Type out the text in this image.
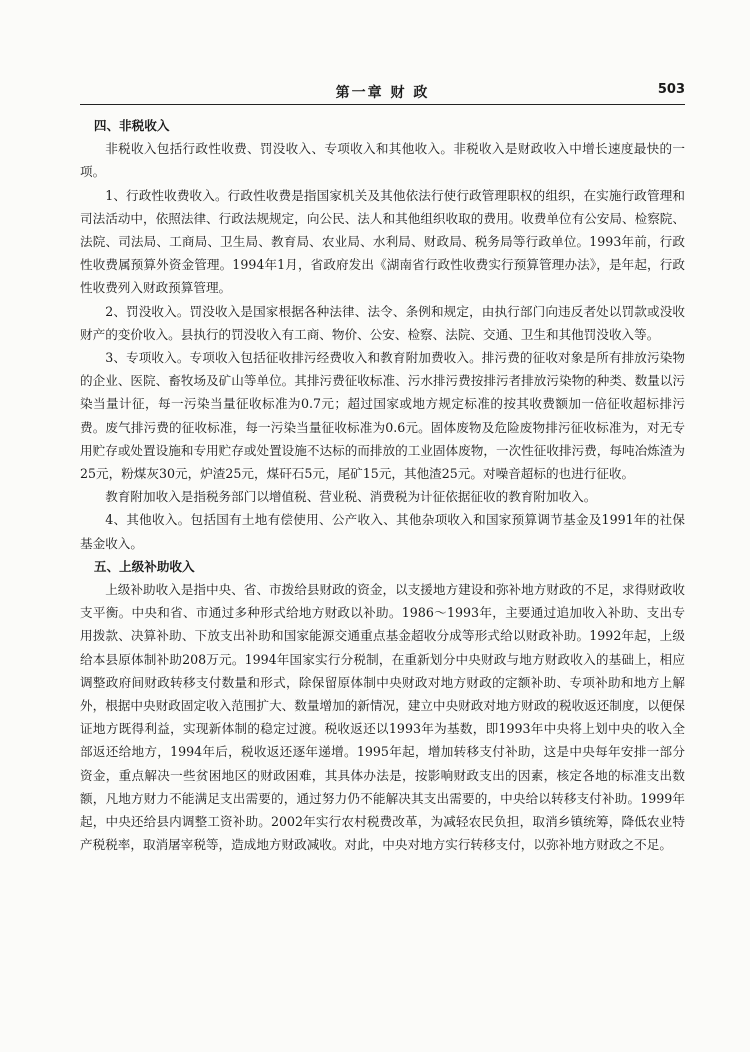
第一章 财 政	503

四、非税收入

非税收入包括行政性收费、罚没收入、专项收入和其他收入。非税收入是财政收入中增长速度最快的一项。

1、行政性收费收入。行政性收费是指国家机关及其他依法行使行政管理职权的组织，在实施行政管理和司法活动中，依照法律、行政法规规定，向公民、法人和其他组织收取的费用。收费单位有公安局、检察院、法院、司法局、工商局、卫生局、教育局、农业局、水利局、财政局、税务局等行政单位。1993年前，行政性收费属预算外资金管理。1994年1月，省政府发出《湖南省行政性收费实行预算管理办法》，是年起，行政性收费列入财政预算管理。

2、罚没收入。罚没收入是国家根据各种法律、法令、条例和规定，由执行部门向违反者处以罚款或没收财产的变价收入。县执行的罚没收入有工商、物价、公安、检察、法院、交通、卫生和其他罚没收入等。

3、专项收入。专项收入包括征收排污经费收入和教育附加费收入。排污费的征收对象是所有排放污染物的企业、医院、畜牧场及矿山等单位。其排污费征收标准、污水排污费按排污者排放污染物的种类、数量以污染当量计征，每一污染当量征收标准为0.7元；超过国家或地方规定标准的按其收费额加一倍征收超标排污费。废气排污费的征收标准，每一污染当量征收标准为0.6元。固体废物及危险废物排污征收标准为，对无专用贮存或处置设施和专用贮存或处置设施不达标的而排放的工业固体废物，一次性征收排污费，每吨冶炼渣为25元，粉煤灰30元，炉渣25元，煤矸石5元，尾矿15元，其他渣25元。对噪音超标的也进行征收。

教育附加收入是指税务部门以增值税、营业税、消费税为计征依据征收的教育附加收入。

4、其他收入。包括国有土地有偿使用、公产收入、其他杂项收入和国家预算调节基金及1991年的社保基金收入。

五、上级补助收入

上级补助收入是指中央、省、市拨给县财政的资金，以支援地方建设和弥补地方财政的不足，求得财政收支平衡。中央和省、市通过多种形式给地方财政以补助。1986～1993年，主要通过追加收入补助、支出专用拨款、决算补助、下放支出补助和国家能源交通重点基金超收分成等形式给以财政补助。1992年起，上级给本县原体制补助208万元。1994年国家实行分税制，在重新划分中央财政与地方财政收入的基础上，相应调整政府间财政转移支付数量和形式，除保留原体制中央财政对地方财政的定额补助、专项补助和地方上解外，根据中央财政固定收入范围扩大、数量增加的新情况，建立中央财政对地方财政的税收返还制度，以便保证地方既得利益，实现新体制的稳定过渡。税收返还以1993年为基数，即1993年中央将上划中央的收入全部返还给地方，1994年后，税收返还逐年递增。1995年起，增加转移支付补助，这是中央每年安排一部分资金，重点解决一些贫困地区的财政困难，其具体办法是，按影响财政支出的因素，核定各地的标准支出数额，凡地方财力不能满足支出需要的，通过努力仍不能解决其支出需要的，中央给以转移支付补助。1999年起，中央还给县内调整工资补助。2002年实行农村税费改革，为减轻农民负担，取消乡镇统筹，降低农业特产税税率，取消屠宰税等，造成地方财政减收。对此，中央对地方实行转移支付，以弥补地方财政之不足。
